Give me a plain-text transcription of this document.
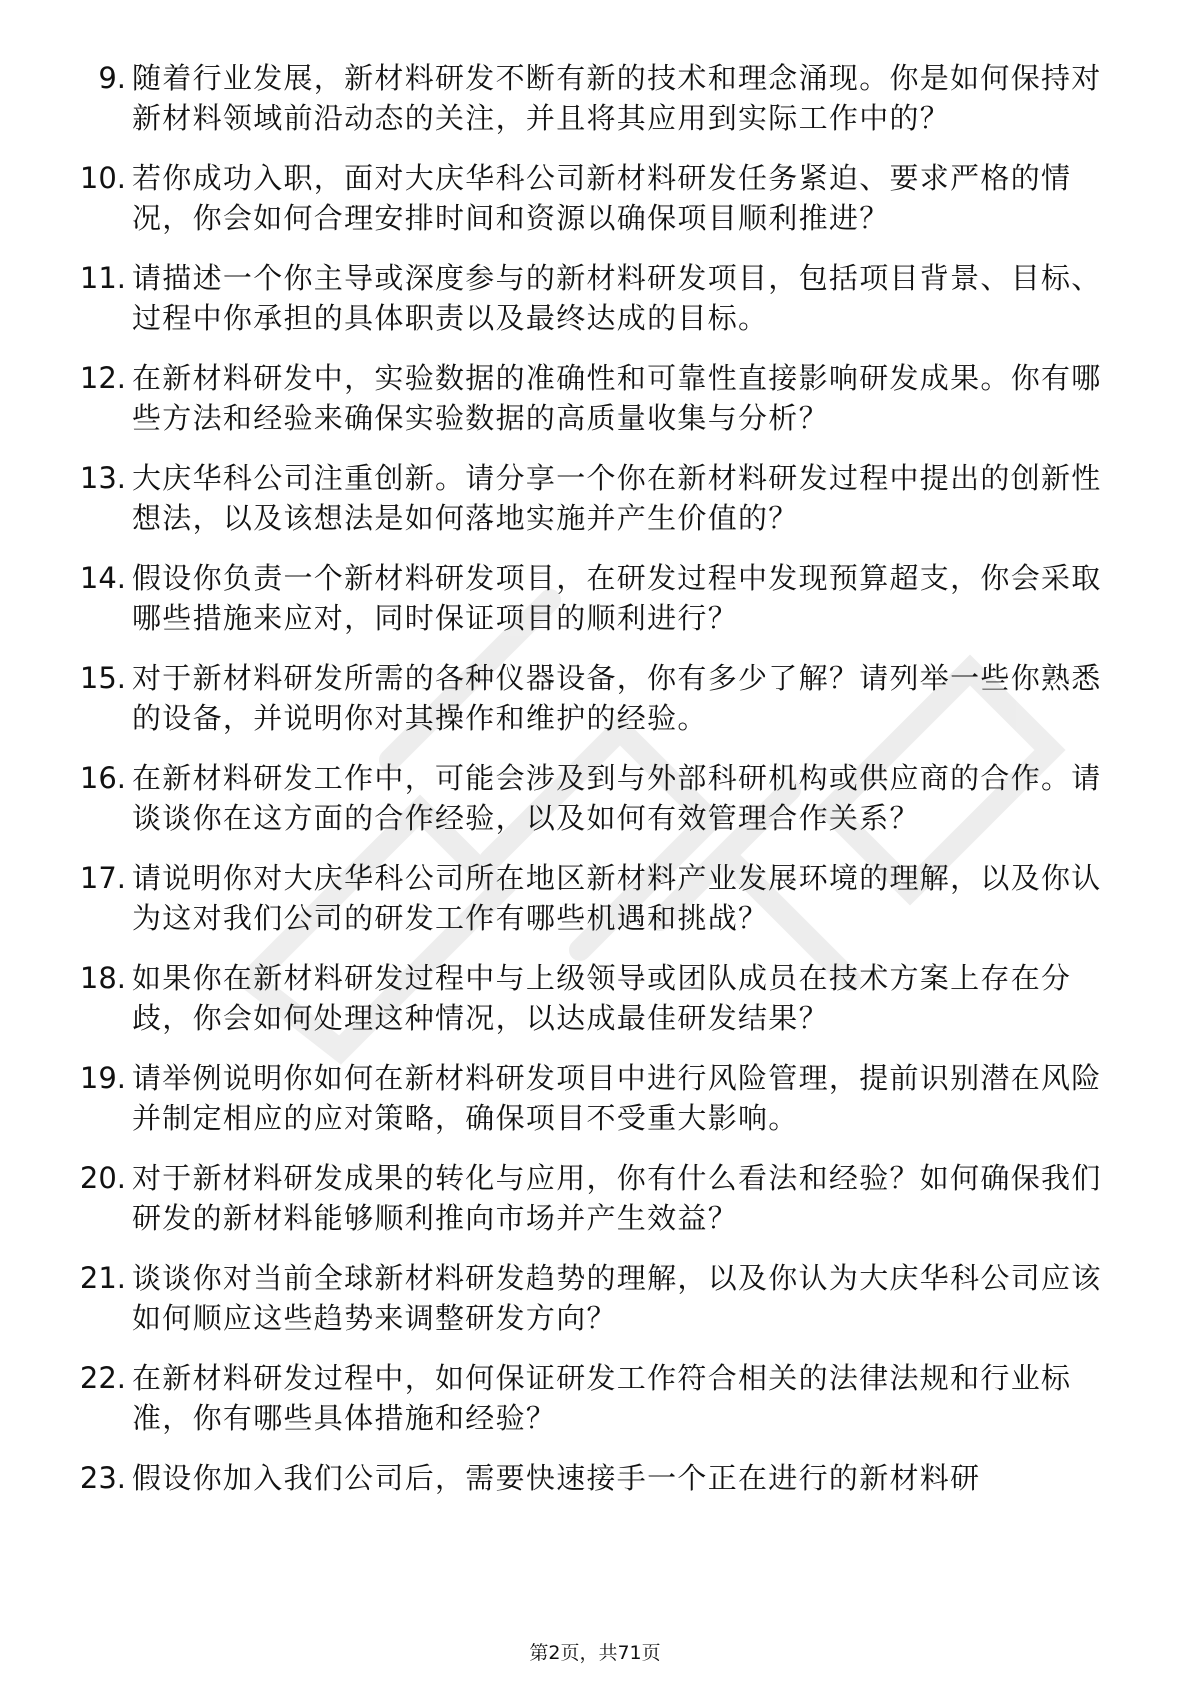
9. 随着行业发展，新材料研发不断有新的技术和理念涌现。你是如何保持对新材料领域前沿动态的关注，并且将其应用到实际工作中的？
10. 若你成功入职，面对大庆华科公司新材料研发任务紧迫、要求严格的情况，你会如何合理安排时间和资源以确保项目顺利推进？
11. 请描述一个你主导或深度参与的新材料研发项目，包括项目背景、目标、过程中你承担的具体职责以及最终达成的目标。
12. 在新材料研发中，实验数据的准确性和可靠性直接影响研发成果。你有哪些方法和经验来确保实验数据的高质量收集与分析？
13. 大庆华科公司注重创新。请分享一个你在新材料研发过程中提出的创新性想法，以及该想法是如何落地实施并产生价值的？
14. 假设你负责一个新材料研发项目，在研发过程中发现预算超支，你会采取哪些措施来应对，同时保证项目的顺利进行？
15. 对于新材料研发所需的各种仪器设备，你有多少了解？请列举一些你熟悉的设备，并说明你对其操作和维护的经验。
16. 在新材料研发工作中，可能会涉及到与外部科研机构或供应商的合作。请谈谈你在这方面的合作经验，以及如何有效管理合作关系？
17. 请说明你对大庆华科公司所在地区新材料产业发展环境的理解，以及你认为这对我们公司的研发工作有哪些机遇和挑战？
18. 如果你在新材料研发过程中与上级领导或团队成员在技术方案上存在分歧，你会如何处理这种情况，以达成最佳研发结果？
19. 请举例说明你如何在新材料研发项目中进行风险管理，提前识别潜在风险并制定相应的应对策略，确保项目不受重大影响。
20. 对于新材料研发成果的转化与应用，你有什么看法和经验？如何确保我们研发的新材料能够顺利推向市场并产生效益？
21. 谈谈你对当前全球新材料研发趋势的理解，以及你认为大庆华科公司应该如何顺应这些趋势来调整研发方向？
22. 在新材料研发过程中，如何保证研发工作符合相关的法律法规和行业标准，你有哪些具体措施和经验？
23. 假设你加入我们公司后，需要快速接手一个正在进行的新材料研
第2页，共71页
